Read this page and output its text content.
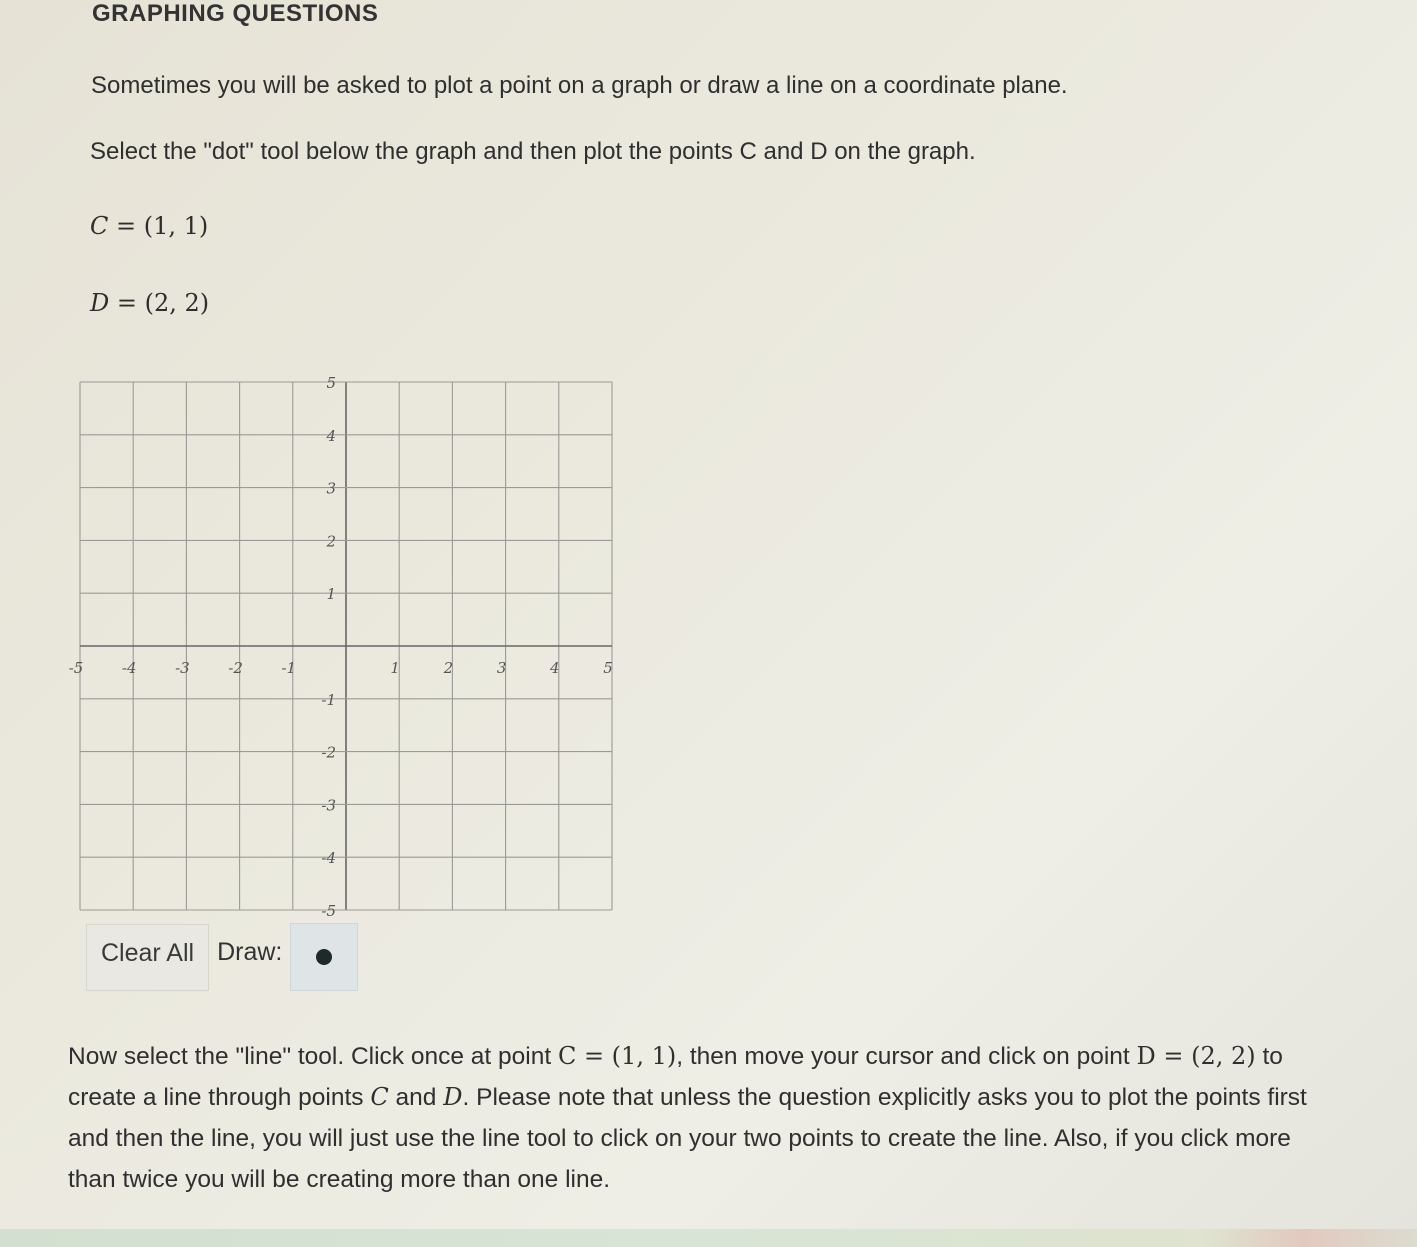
GRAPHING QUESTIONS
Sometimes you will be asked to plot a point on a graph or draw a line on a coordinate plane.
Select the "dot" tool below the graph and then plot the points C and D on the graph.
C = (1, 1)
D = (2, 2)
-5	-4	-3	-2	-1	1	2	3	4	5
5
4
3
2
1
-1
-2
-3
-4
-5
Clear All Draw:
Now select the "line" tool. Click once at point C = (1, 1), then move your cursor and click on point D = (2, 2) to create a line through points C and D. Please note that unless the question explicitly asks you to plot the points first and then the line, you will just use the line tool to click on your two points to create the line. Also, if you click more than twice you will be creating more than one line.
